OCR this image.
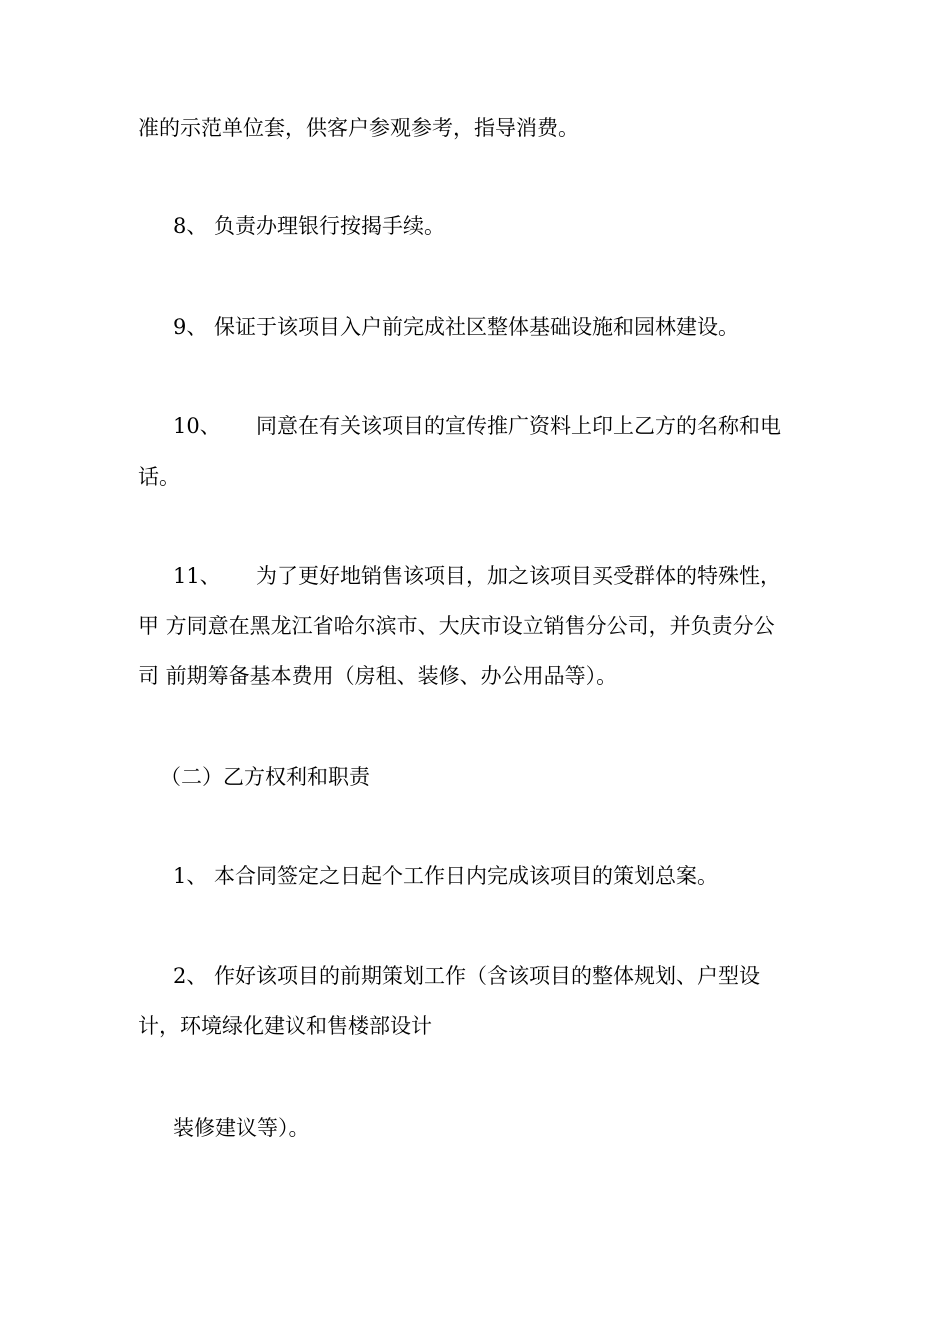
准的示范单位套，供客户参观参考，指导消费。

8、 负责办理银行按揭手续。

9、 保证于该项目入户前完成社区整体基础设施和园林建设。

10、 同意在有关该项目的宣传推广资料上印上乙方的名称和电

话。

11、 为了更好地销售该项目，加之该项目买受群体的特殊性，

甲 方同意在黑龙江省哈尔滨市、大庆市设立销售分公司，并负责分公

司 前期筹备基本费用（房租、装修、办公用品等）。

（二）乙方权利和职责

1、 本合同签定之日起个工作日内完成该项目的策划总案。

2、 作好该项目的前期策划工作（含该项目的整体规划、户型设

计，环境绿化建议和售楼部设计

装修建议等）。
